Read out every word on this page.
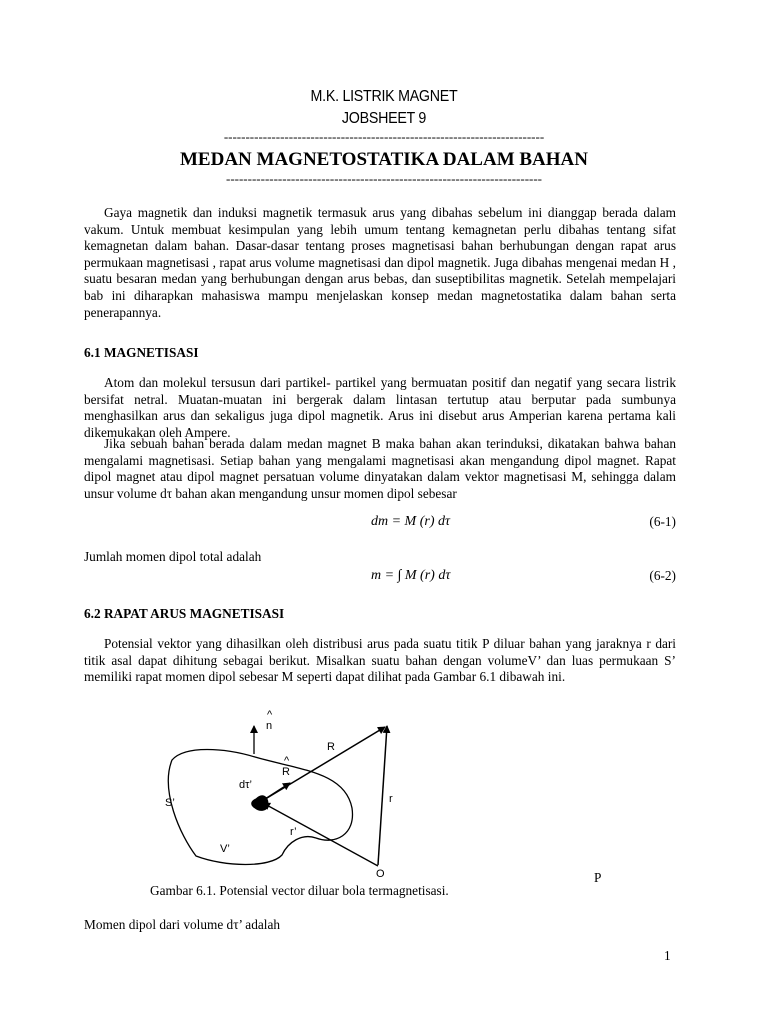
M.K. LISTRIK MAGNET
JOBSHEET 9
--------------------------------------------------------------------------
MEDAN MAGNETOSTATIKA DALAM BAHAN
-------------------------------------------------------------------------

Gaya magnetik dan induksi magnetik termasuk arus yang dibahas sebelum ini dianggap berada dalam vakum. Untuk membuat kesimpulan yang lebih umum tentang kemagnetan perlu dibahas tentang sifat kemagnetan dalam bahan. Dasar-dasar tentang proses magnetisasi bahan berhubungan dengan rapat arus permukaan magnetisasi , rapat arus volume magnetisasi dan dipol magnetik. Juga dibahas mengenai medan H , suatu besaran medan yang berhubungan dengan arus bebas, dan suseptibilitas magnetik. Setelah mempelajari bab ini diharapkan mahasiswa mampu menjelaskan konsep medan magnetostatika dalam bahan serta penerapannya.

6.1 MAGNETISASI

Atom dan molekul tersusun dari partikel- partikel yang bermuatan positif dan negatif yang secara listrik bersifat netral. Muatan-muatan ini bergerak dalam lintasan tertutup atau berputar pada sumbunya menghasilkan arus dan sekaligus juga dipol magnetik. Arus ini disebut arus Amperian karena pertama kali dikemukakan oleh Ampere.

Jika sebuah bahan berada dalam medan magnet B maka bahan akan terinduksi, dikatakan bahwa bahan mengalami magnetisasi. Setiap bahan yang mengalami magnetisasi akan mengandung dipol magnet. Rapat dipol magnet atau dipol magnet persatuan volume dinyatakan dalam vektor magnetisasi M, sehingga dalam unsur volume dτ bahan akan mengandung unsur momen dipol sebesar

dm = M (r) dτ	(6-1)
Jumlah momen dipol total adalah
m = ∫ M (r) dτ	(6-2)
6.2 RAPAT ARUS MAGNETISASI

Potensial vektor yang dihasilkan oleh distribusi arus pada suatu titik P diluar bahan yang jaraknya r dari titik asal dapat dihitung sebagai berikut. Misalkan suatu bahan dengan volumeV’ dan luas permukaan S’ memiliki rapat momen dipol sebesar M seperti dapat dilihat pada Gambar 6.1 dibawah ini.

^
n
R
^
R
dτ’
S’	r
r’
V’
O	P
Gambar 6.1. Potensial vector diluar bola termagnetisasi.
Momen dipol dari volume dτ’ adalah
1
